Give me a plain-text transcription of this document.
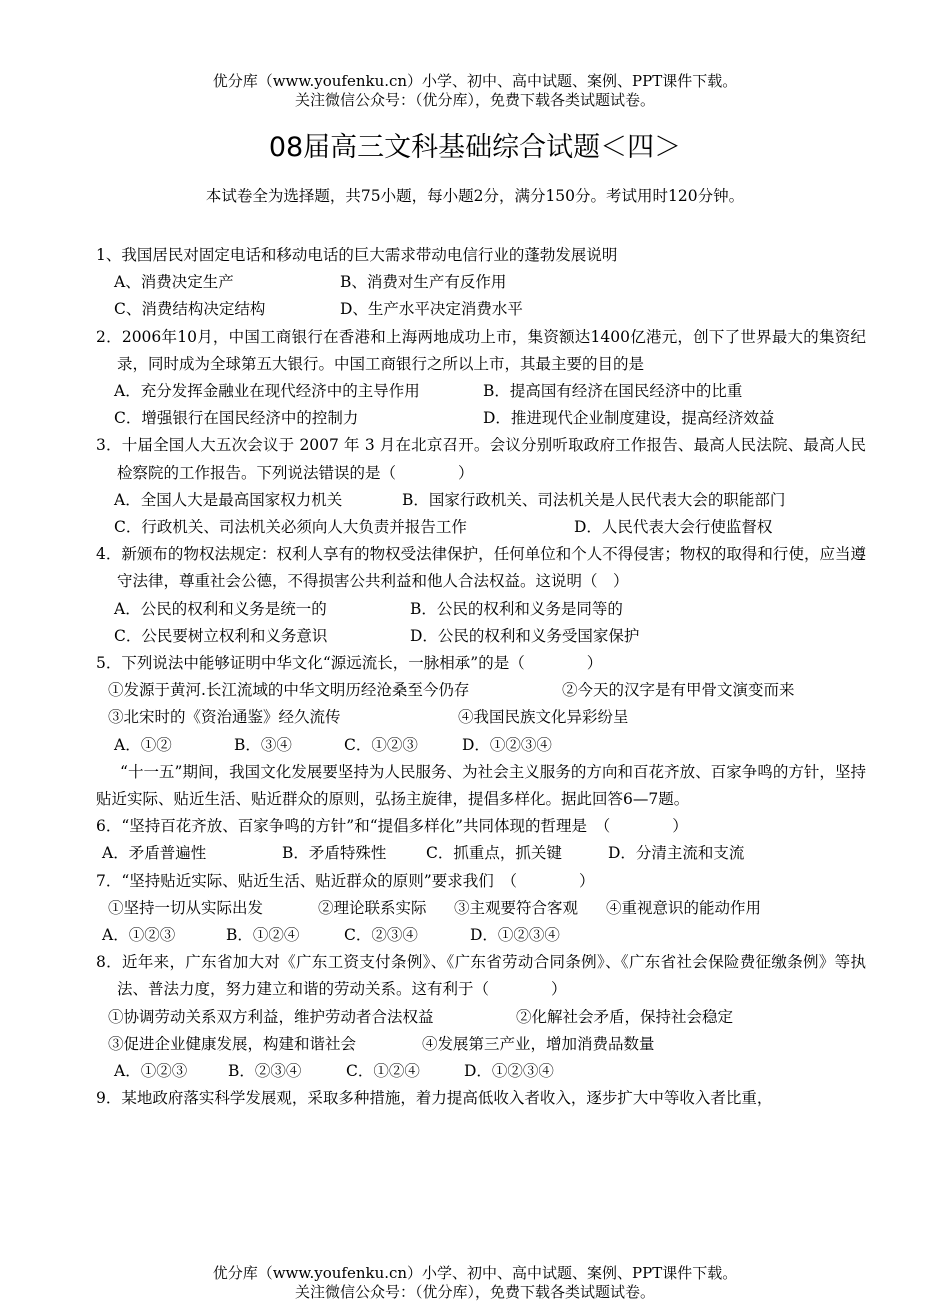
优分库（www.youfenku.cn）小学、初中、高中试题、案例、PPT课件下载。
关注微信公众号：（优分库），免费下载各类试题试卷。
08届高三文科基础综合试题＜四＞
本试卷全为选择题，共75小题，每小题2分，满分150分。考试用时120分钟。

1、我国居民对固定电话和移动电话的巨大需求带动电信行业的蓬勃发展说明

A、消费决定生产	B、消费对生产有反作用

C、消费结构决定结构	D、生产水平决定消费水平

2．2006年10月，中国工商银行在香港和上海两地成功上市，集资额达1400亿港元，创下了世界最大的集资纪录，同时成为全球第五大银行。中国工商银行之所以上市，其最主要的目的是

A．充分发挥金融业在现代经济中的主导作用	B．提高国有经济在国民经济中的比重

C．增强银行在国民经济中的控制力	D．推进现代企业制度建设，提高经济效益

3．十届全国人大五次会议于 2007 年 3 月在北京召开。会议分别听取政府工作报告、最高人民法院、最高人民检察院的工作报告。下列说法错误的是（　　　　）

A．全国人大是最高国家权力机关	B．国家行政机关、司法机关是人民代表大会的职能部门

C．行政机关、司法机关必须向人大负责并报告工作	D．人民代表大会行使监督权

4．新颁布的物权法规定：权利人享有的物权受法律保护，任何单位和个人不得侵害；物权的取得和行使，应当遵守法律，尊重社会公德，不得损害公共利益和他人合法权益。这说明（　）

A．公民的权利和义务是统一的	B．公民的权利和义务是同等的

C．公民要树立权利和义务意识	D．公民的权利和义务受国家保护

5．下列说法中能够证明中华文化“源远流长，一脉相承”的是（　　　　）

①发源于黄河.长江流域的中华文明历经沧桑至今仍存	②今天的汉字是有甲骨文演变而来

③北宋时的《资治通鉴》经久流传	④我国民族文化异彩纷呈

A．①②	B．③④	C．①②③	D．①②③④

“十一五”期间，我国文化发展要坚持为人民服务、为社会主义服务的方向和百花齐放、百家争鸣的方针，坚持贴近实际、贴近生活、贴近群众的原则，弘扬主旋律，提倡多样化。据此回答6—7题。

6．“坚持百花齐放、百家争鸣的方针”和“提倡多样化”共同体现的哲理是　（　　　　）

A．矛盾普遍性	B．矛盾特殊性	C．抓重点，抓关键	D．分清主流和支流

7．“坚持贴近实际、贴近生活、贴近群众的原则”要求我们　（　　　　）

①坚持一切从实际出发	②理论联系实际 ③主观要符合客观 ④重视意识的能动作用

A．①②③	B．①②④	C．②③④	D．①②③④

8．近年来，广东省加大对《广东工资支付条例》、《广东省劳动合同条例》、《广东省社会保险费征缴条例》等执法、普法力度，努力建立和谐的劳动关系。这有利于（　　　　）

①协调劳动关系双方利益，维护劳动者合法权益	②化解社会矛盾，保持社会稳定

③促进企业健康发展，构建和谐社会	④发展第三产业，增加消费品数量

A．①②③	B．②③④	C．①②④	D．①②③④

9．某地政府落实科学发展观，采取多种措施，着力提高低收入者收入，逐步扩大中等收入者比重，

优分库（www.youfenku.cn）小学、初中、高中试题、案例、PPT课件下载。
关注微信公众号：（优分库），免费下载各类试题试卷。
